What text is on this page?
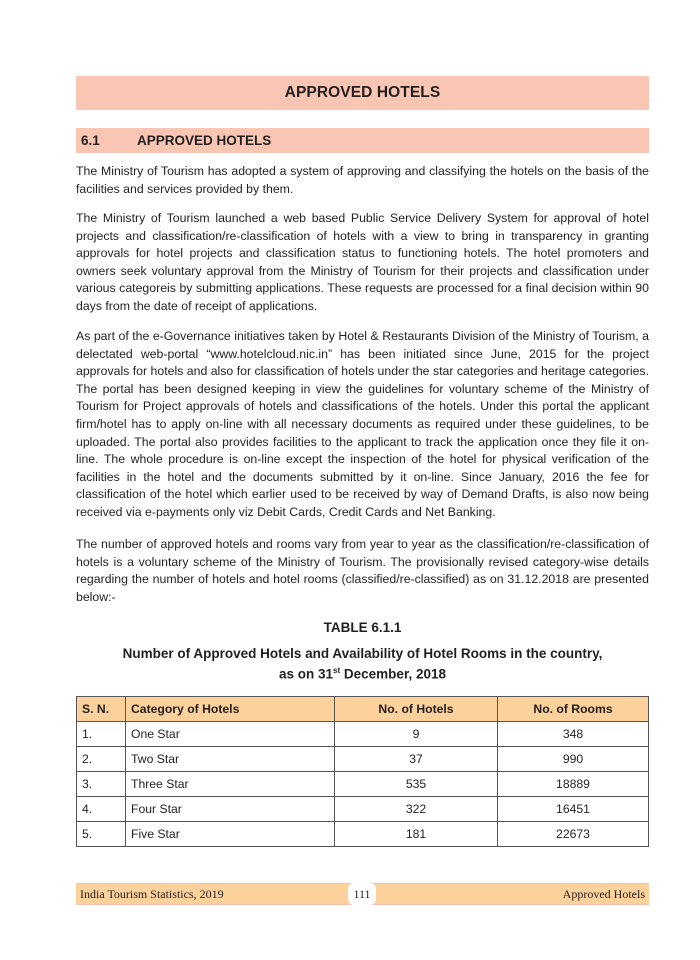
APPROVED HOTELS
6.1	APPROVED HOTELS

The Ministry of Tourism has adopted a system of approving and classifying the hotels on the basis of the facilities and services provided by them.

The Ministry of Tourism launched a web based Public Service Delivery System for approval of hotel projects and classification/re-classification of hotels with a view to bring in transparency in granting approvals for hotel projects and classification status to functioning hotels. The hotel promoters and owners seek voluntary approval from the Ministry of Tourism for their projects and classification under various categoreis by submitting applications. These requests are processed for a final decision within 90 days from the date of receipt of applications.

As part of the e-Governance initiatives taken by Hotel & Restaurants Division of the Ministry of Tourism, a delectated web-portal “www.hotelcloud.nic.in” has been initiated since June, 2015 for the project approvals for hotels and also for classification of hotels under the star categories and heritage categories. The portal has been designed keeping in view the guidelines for voluntary scheme of the Ministry of Tourism for Project approvals of hotels and classifications of the hotels. Under this portal the applicant firm/hotel has to apply on-line with all necessary documents as required under these guidelines, to be uploaded. The portal also provides facilities to the applicant to track the application once they file it on-line. The whole procedure is on-line except the inspection of the hotel for physical verification of the facilities in the hotel and the documents submitted by it on-line. Since January, 2016 the fee for classification of the hotel which earlier used to be received by way of Demand Drafts, is also now being received via e-payments only viz Debit Cards, Credit Cards and Net Banking.

The number of approved hotels and rooms vary from year to year as the classification/re-classification of hotels is a voluntary scheme of the Ministry of Tourism. The provisionally revised category-wise details regarding the number of hotels and hotel rooms (classified/re-classified) as on 31.12.2018 are presented below:-

TABLE 6.1.1
Number of Approved Hotels and Availability of Hotel Rooms in the country,
as on 31st December, 2018
S. N.	Category of Hotels	No. of Hotels	No. of Rooms
1.	One Star	9	348
2.	Two Star	37	990
3.	Three Star	535	18889
4.	Four Star	322	16451
5.	Five Star	181	22673
India Tourism Statistics, 2019	111	Approved Hotels
